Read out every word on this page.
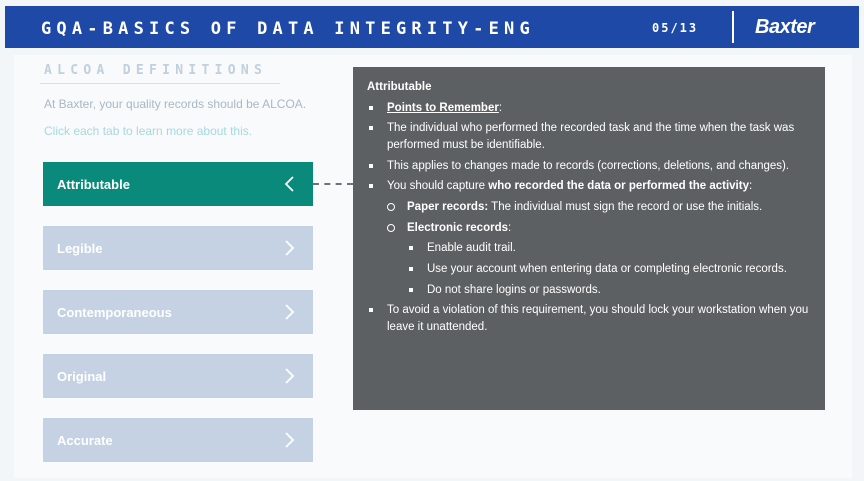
GQA-BASICS OF DATA INTEGRITY-ENG	05/13	Baxter
ALCOA DEFINITIONS
At Baxter, your quality records should be ALCOA.
Click each tab to learn more about this.
Attributable
Legible
Contemporaneous
Original
Accurate
Attributable
Points to Remember:
The individual who performed the recorded task and the time when the task was performed must be identifiable.
This applies to changes made to records (corrections, deletions, and changes).
You should capture who recorded the data or performed the activity:
Paper records: The individual must sign the record or use the initials.
Electronic records:
Enable audit trail.
Use your account when entering data or completing electronic records.
Do not share logins or passwords.
To avoid a violation of this requirement, you should lock your workstation when you leave it unattended.
